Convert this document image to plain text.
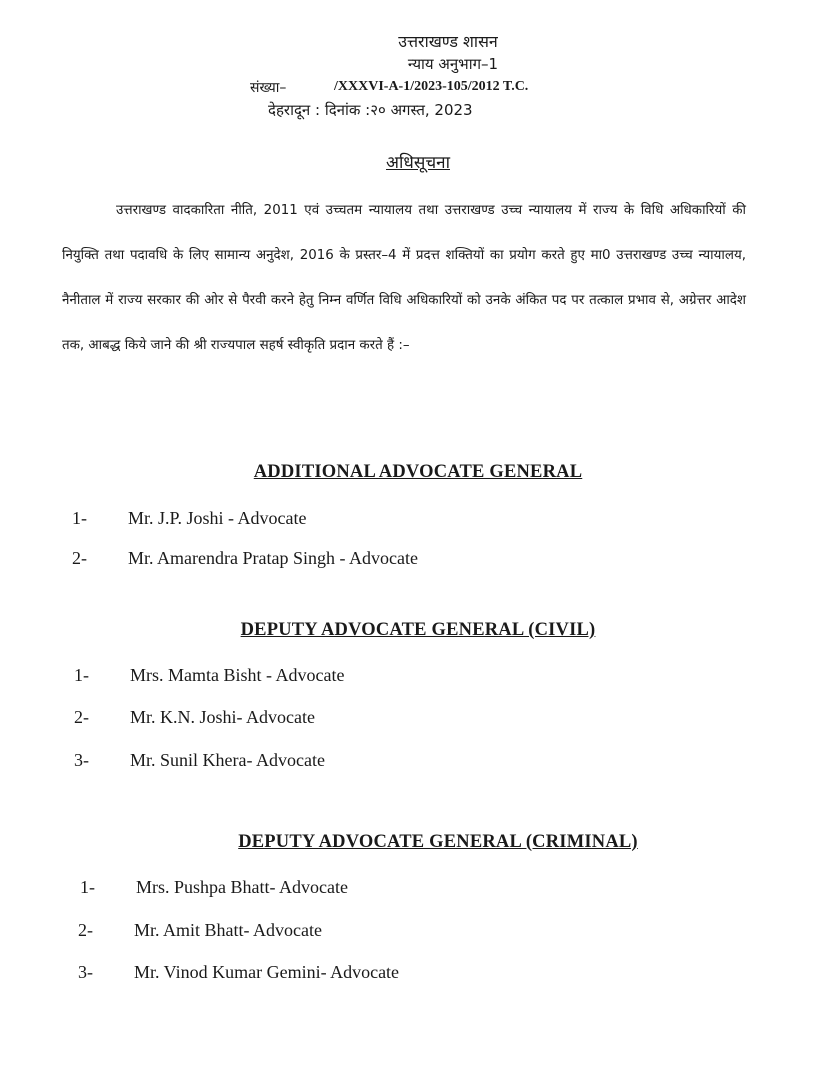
उत्तराखण्ड शासन
न्याय अनुभाग–1
संख्या–	/XXXVI-A-1/2023-105/2012 T.C.
देहरादून : दिनांक :२० अगस्त, 2023
अधिसूचना

उत्तराखण्ड वादकारिता नीति, 2011 एवं उच्चतम न्यायालय तथा उत्तराखण्ड उच्च न्यायालय में राज्य के विधि अधिकारियों की नियुक्ति तथा पदावधि के लिए सामान्य अनुदेश, 2016 के प्रस्तर–4 में प्रदत्त शक्तियों का प्रयोग करते हुए मा0 उत्तराखण्ड उच्च न्यायालय, नैनीताल में राज्य सरकार की ओर से पैरवी करने हेतु निम्न वर्णित विधि अधिकारियों को उनके अंकित पद पर तत्काल प्रभाव से, अग्रेत्तर आदेश तक, आबद्ध किये जाने की श्री राज्यपाल सहर्ष स्वीकृति प्रदान करते हैं :–

ADDITIONAL ADVOCATE GENERAL
1- Mr. J.P. Joshi - Advocate
2- Mr. Amarendra Pratap Singh - Advocate
DEPUTY ADVOCATE GENERAL (CIVIL)
1- Mrs. Mamta Bisht - Advocate
2- Mr. K.N. Joshi- Advocate
3- Mr. Sunil Khera- Advocate
DEPUTY ADVOCATE GENERAL (CRIMINAL)
1- Mrs. Pushpa Bhatt- Advocate
2- Mr. Amit Bhatt- Advocate
3- Mr. Vinod Kumar Gemini- Advocate
